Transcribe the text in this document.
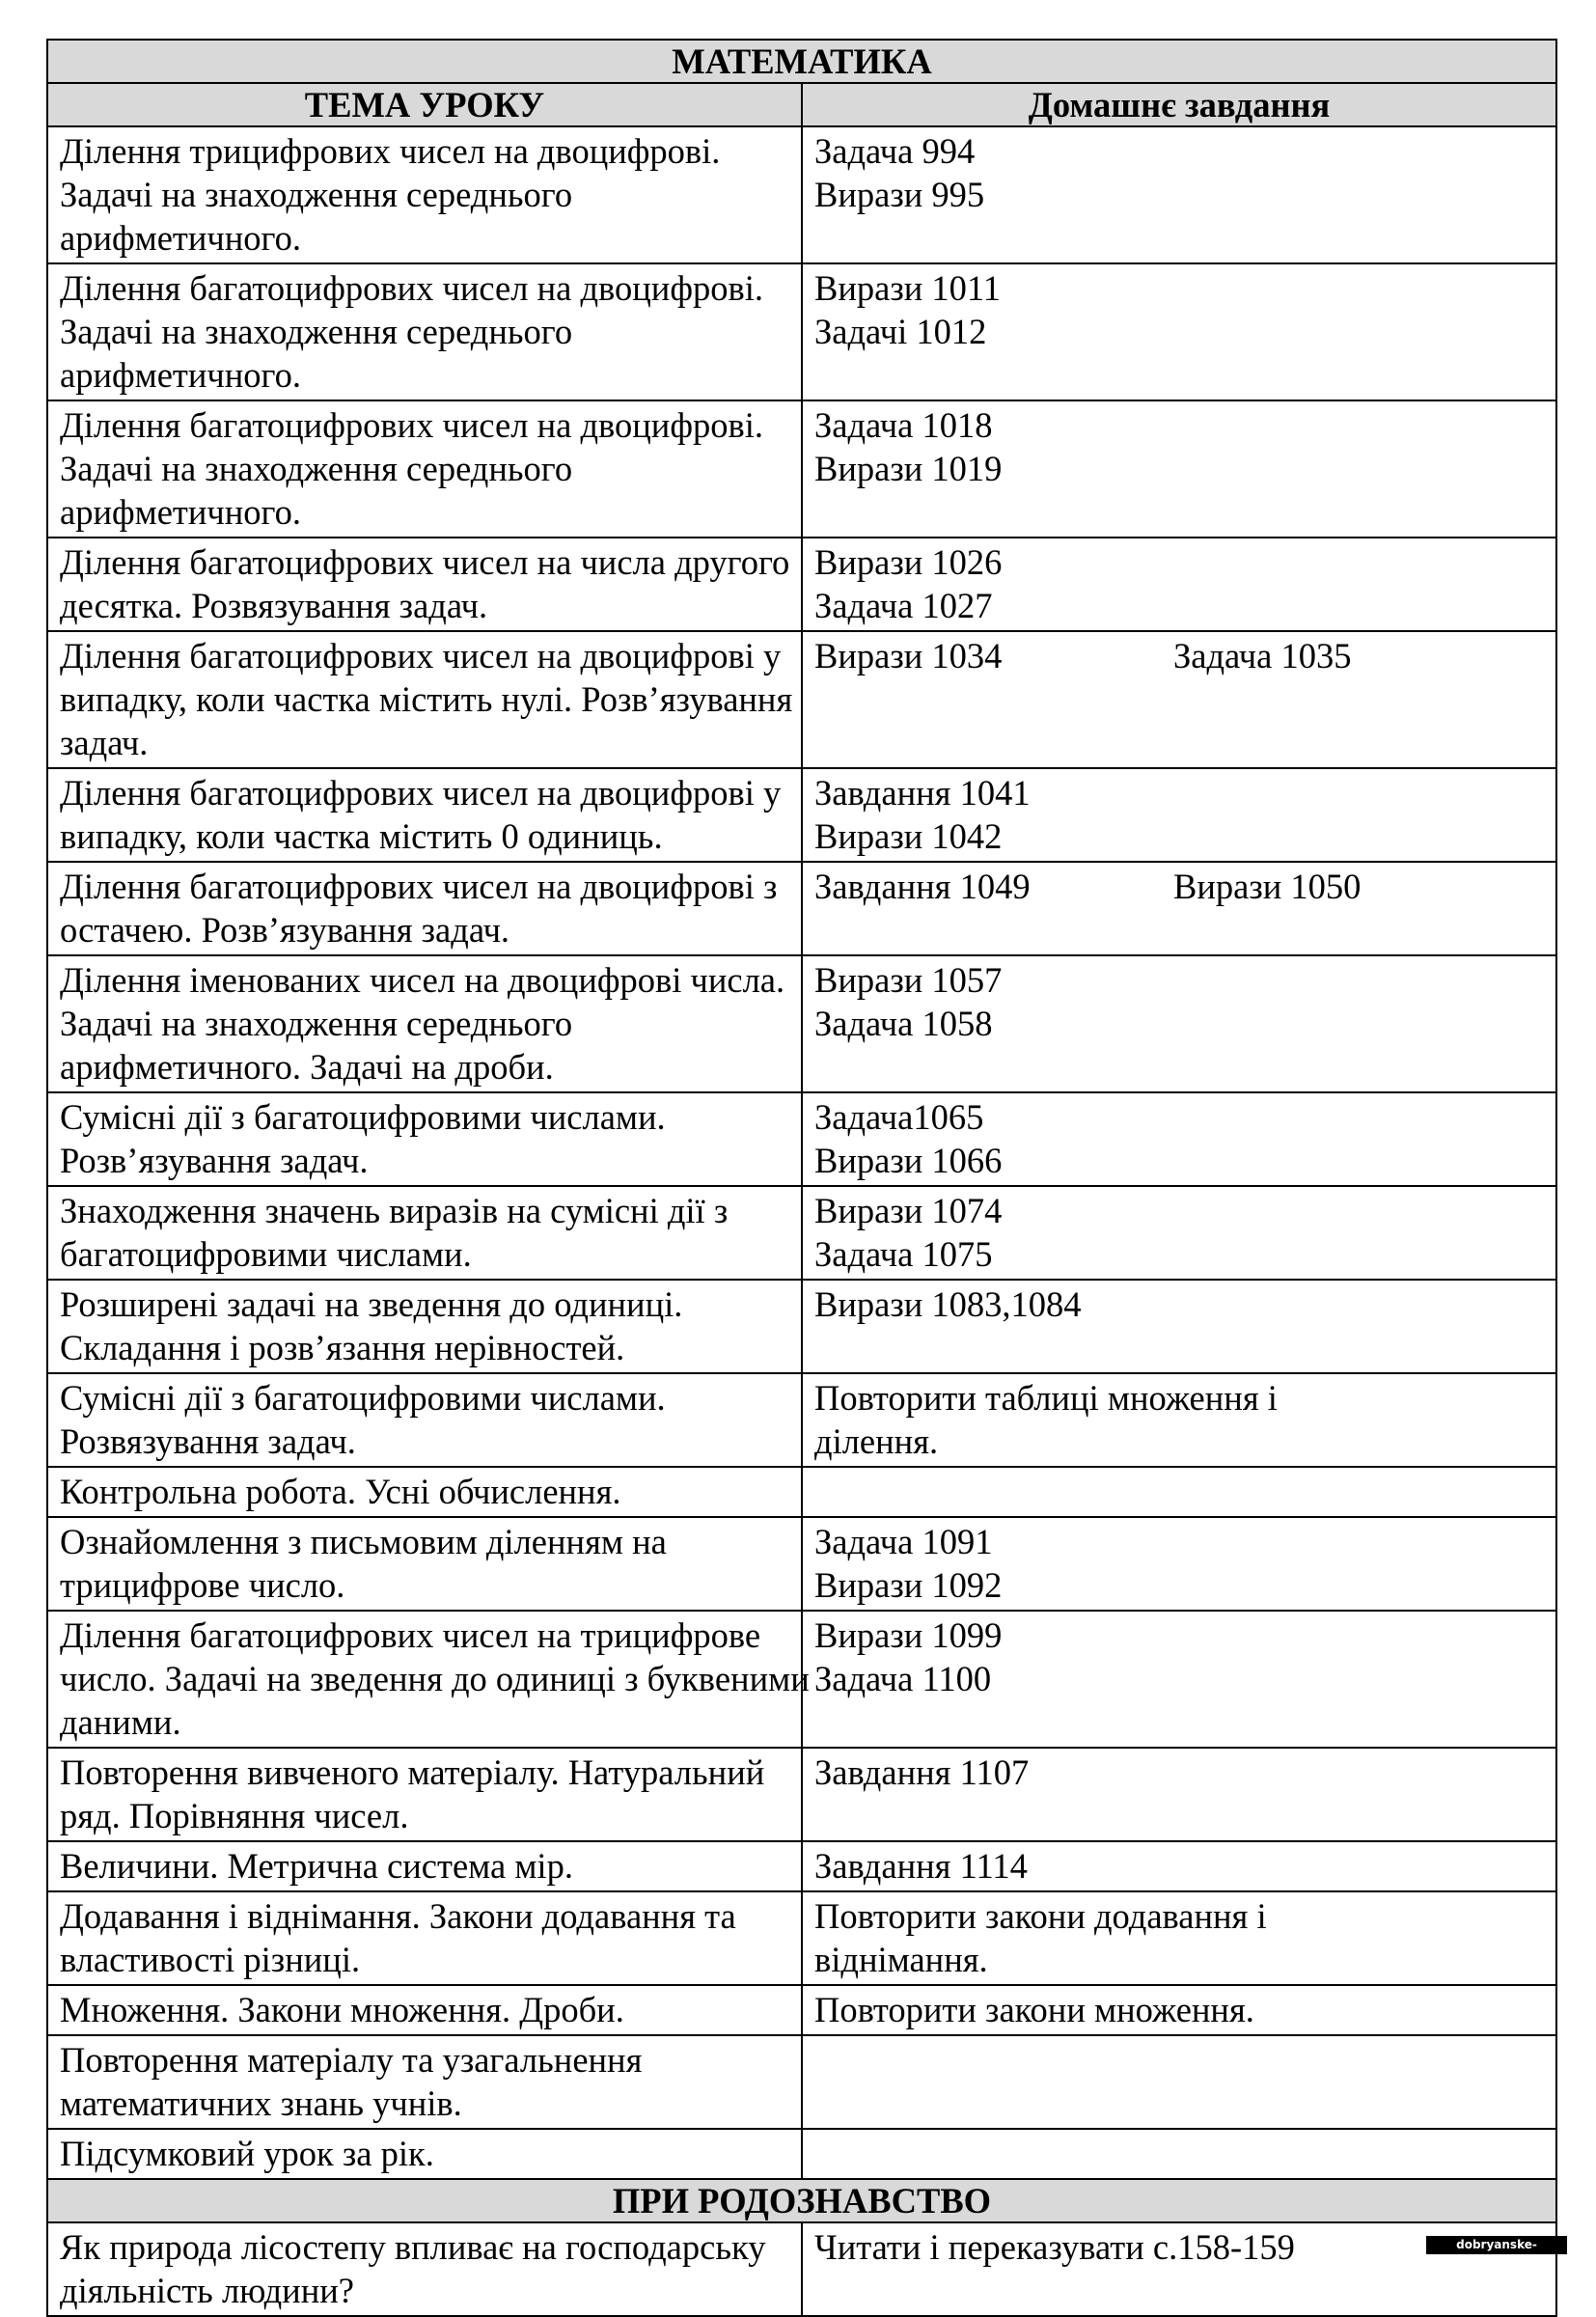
МАТЕМАТИКА	
ТЕМА УРОКУ	Домашнє завдання

Ділення трицифрових чисел на двоцифрові.
Задачі на знаходження середнього
арифметичного.	Задача 994
Вирази 995

Ділення багатоцифрових чисел на двоцифрові.
Задачі на знаходження середнього
арифметичного.	Вирази 1011
Задачі 1012

Ділення багатоцифрових чисел на двоцифрові.
Задачі на знаходження середнього
арифметичного.	Задача 1018
Вирази 1019

Ділення багатоцифрових чисел на числа другого
десятка. Розвязування задач.	Вирази 1026
Задача 1027

Ділення багатоцифрових чисел на двоцифрові у
випадку, коли частка містить нулі. Розв’язування
задач.	Вирази 1034 Задача 1035

Ділення багатоцифрових чисел на двоцифрові у
випадку, коли частка містить 0 одиниць.	Завдання 1041
Вирази 1042

Ділення багатоцифрових чисел на двоцифрові з
остачею. Розв’язування задач.	Завдання 1049 Вирази 1050

Ділення іменованих чисел на двоцифрові числа.
Задачі на знаходження середнього
арифметичного. Задачі на дроби.	Вирази 1057
Задача 1058

Сумісні дії з багатоцифровими числами.
Розв’язування задач.	Задача1065
Вирази 1066

Знаходження значень виразів на сумісні дії з
багатоцифровими числами.	Вирази 1074
Задача 1075

Розширені задачі на зведення до одиниці.
Складання і розв’язання нерівностей.	Вирази 1083,1084

Сумісні дії з багатоцифровими числами.
Розвязування задач.	Повторити таблиці множення і
ділення.

Контрольна робота. Усні обчислення.	

Ознайомлення з письмовим діленням на
трицифрове число.	Задача 1091
Вирази 1092

Ділення багатоцифрових чисел на трицифрове
число. Задачі на зведення до одиниці з буквеними
даними.	Вирази 1099
Задача 1100

Повторення вивченого матеріалу. Натуральний
ряд. Порівняння чисел.	Завдання 1107

Величини. Метрична система мір.	Завдання 1114

Додавання і віднімання. Закони додавання та
властивості різниці.	Повторити закони додавання і
віднімання.

Множення. Закони множення. Дроби.	Повторити закони множення.

Повторення матеріалу та узагальнення
математичних знань учнів.	

Підсумковий урок за рік.	

ПРИ РОДОЗНАВСТВО	

Як природа лісостепу впливає на господарську
діяльність людини?	Читати і переказувати с.158-159	dobryanske-sch.ucoz.ua
